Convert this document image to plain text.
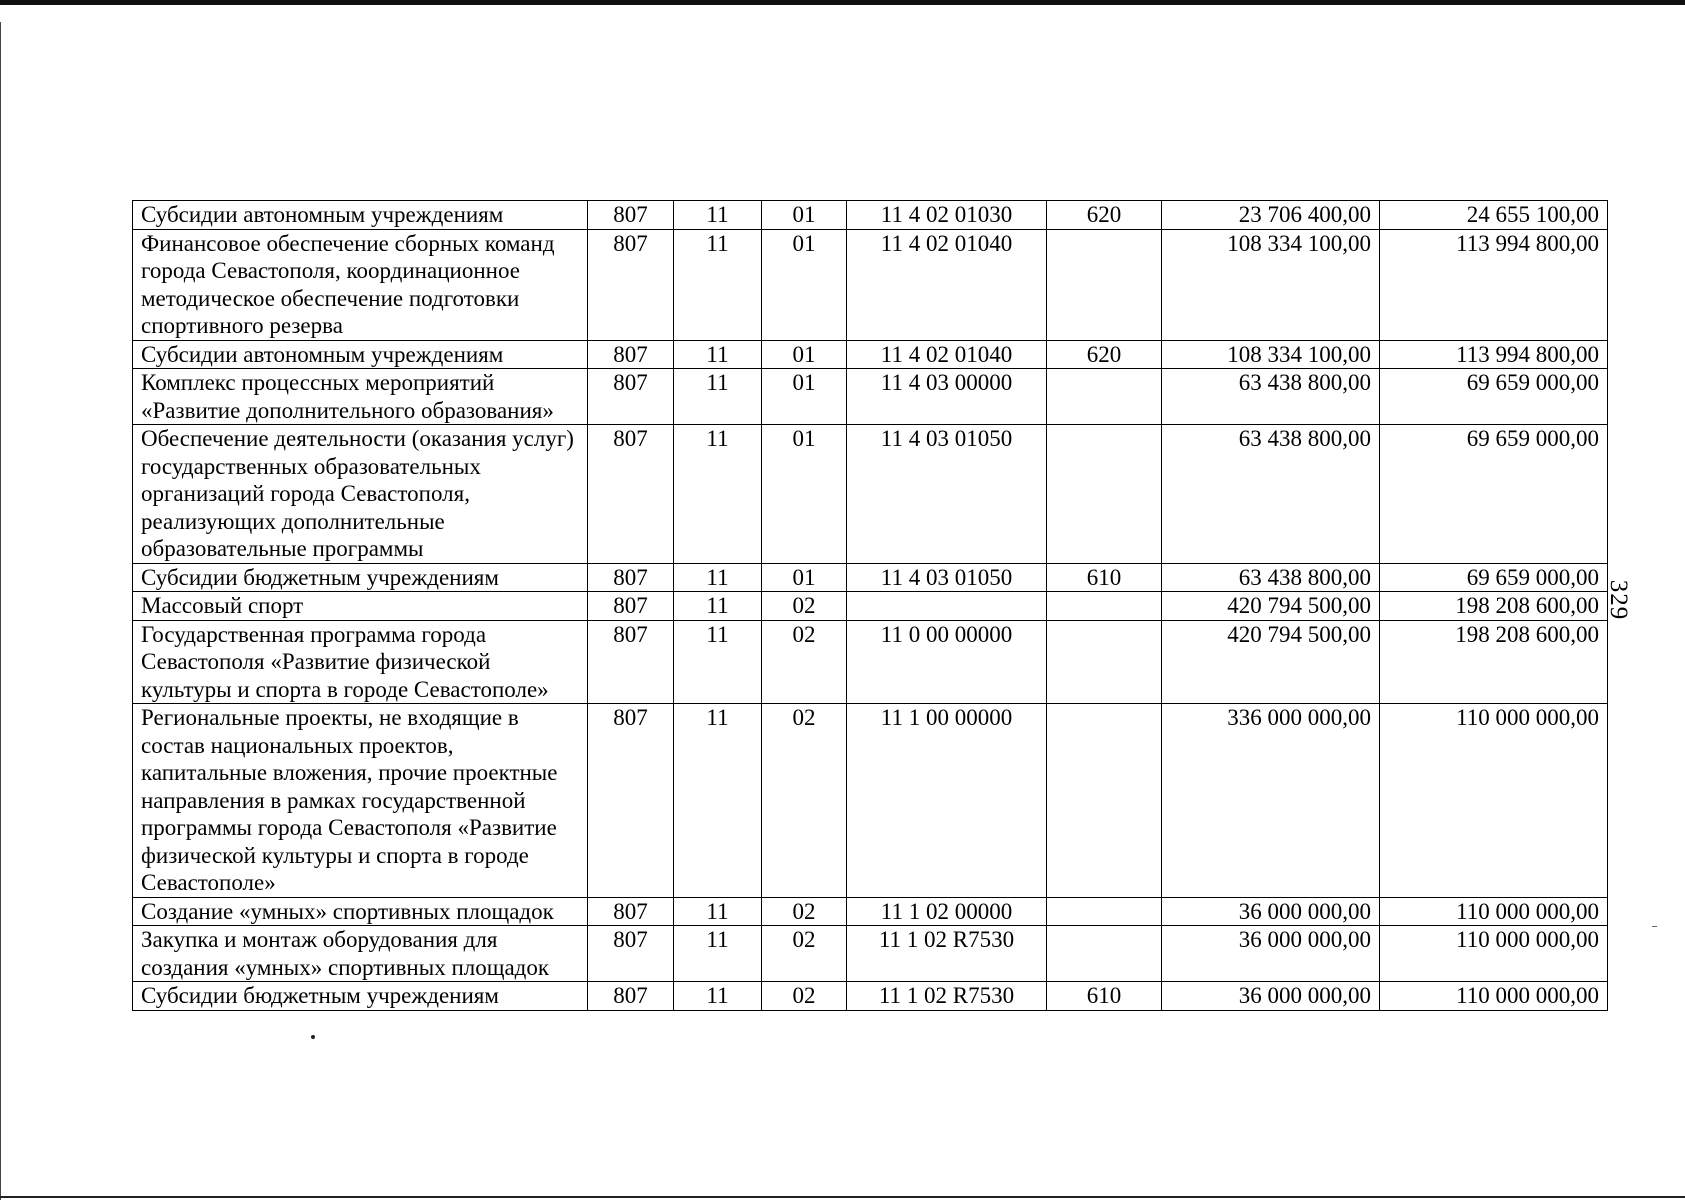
329
Субсидии автономным учреждениям	807	11	01	11 4 02 01030	620	23 706 400,00	24 655 100,00
Финансовое обеспечение сборных команд города Севастополя, координационное методическое обеспечение подготовки спортивного резерва	807	11	01	11 4 02 01040		108 334 100,00	113 994 800,00
Субсидии автономным учреждениям	807	11	01	11 4 02 01040	620	108 334 100,00	113 994 800,00
Комплекс процессных мероприятий «Развитие дополнительного образования»	807	11	01	11 4 03 00000		63 438 800,00	69 659 000,00
Обеспечение деятельности (оказания услуг) государственных образовательных организаций города Севастополя, реализующих дополнительные образовательные программы	807	11	01	11 4 03 01050		63 438 800,00	69 659 000,00
Субсидии бюджетным учреждениям	807	11	01	11 4 03 01050	610	63 438 800,00	69 659 000,00
Массовый спорт	807	11	02			420 794 500,00	198 208 600,00
Государственная программа города Севастополя «Развитие физической культуры и спорта в городе Севастополе»	807	11	02	11 0 00 00000		420 794 500,00	198 208 600,00
Региональные проекты, не входящие в состав национальных проектов, капитальные вложения, прочие проектные направления в рамках государственной программы города Севастополя «Развитие физической культуры и спорта в городе Севастополе»	807	11	02	11 1 00 00000		336 000 000,00	110 000 000,00
Создание «умных» спортивных площадок	807	11	02	11 1 02 00000		36 000 000,00	110 000 000,00
Закупка и монтаж оборудования для создания «умных» спортивных площадок	807	11	02	11 1 02 R7530		36 000 000,00	110 000 000,00
Субсидии бюджетным учреждениям	807	11	02	11 1 02 R7530	610	36 000 000,00	110 000 000,00
